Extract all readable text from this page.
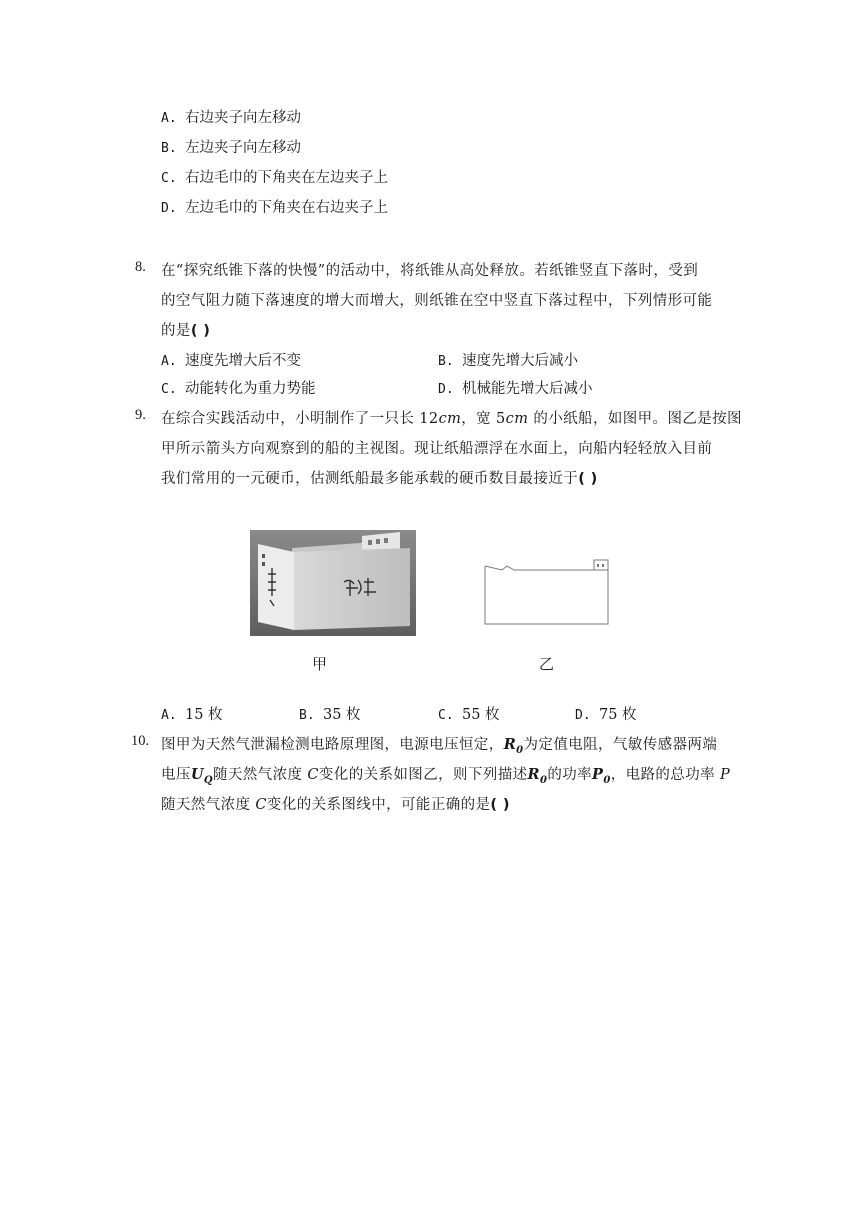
A. 右边夹子向左移动
B. 左边夹子向左移动
C. 右边毛巾的下角夹在左边夹子上
D. 左边毛巾的下角夹在右边夹子上
8. 在“探究纸锥下落的快慢”的活动中，将纸锥从高处释放。若纸锥竖直下落时，受到
的空气阻力随下落速度的增大而增大，则纸锥在空中竖直下落过程中，下列情形可能
的是( )
A. 速度先增大后不变	B. 速度先增大后减小
C. 动能转化为重力势能	D. 机械能先增大后减小
9. 在综合实践活动中，小明制作了一只长 12cm，宽 5cm 的小纸船，如图甲。图乙是按图
甲所示箭头方向观察到的船的主视图。现让纸船漂浮在水面上，向船内轻轻放入目前
我们常用的一元硬币，估测纸船最多能承载的硬币数目最接近于( )
甲	乙
A. 15 枚	B. 35 枚	C. 55 枚	D. 75 枚
10. 图甲为天然气泄漏检测电路原理图，电源电压恒定，$R_0$为定值电阻，气敏传感器两端
电压$U_Q$随天然气浓度 C变化的关系如图乙，则下列描述$R_0$的功率$P_0$，电路的总功率 P
随天然气浓度 C变化的关系图线中，可能正确的是( )
